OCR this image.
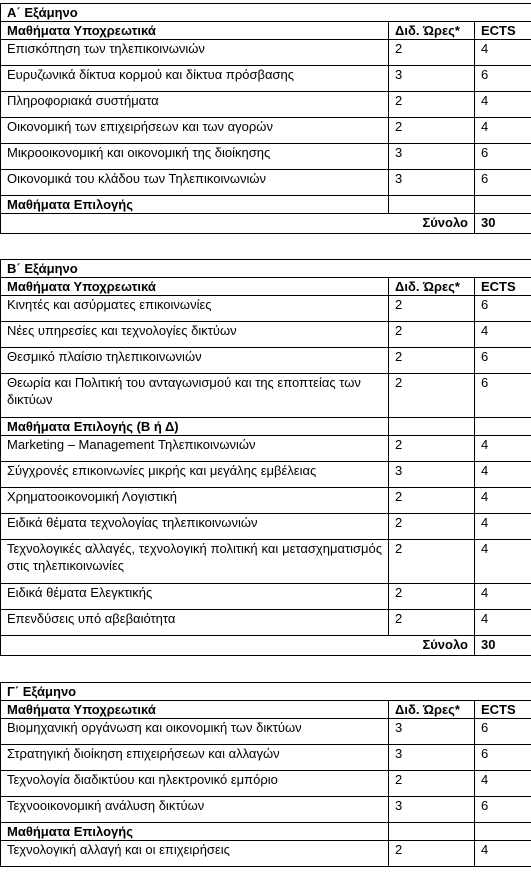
Α΄ Εξάμηνο		
Μαθήματα Υποχρεωτικά	Διδ. Ώρες*	ECTS
Επισκόπηση των τηλεπικοινωνιών	2	4
Ευρυζωνικά δίκτυα κορμού και δίκτυα πρόσβασης	3	6
Πληροφοριακά συστήματα	2	4
Οικονομική των επιχειρήσεων και των αγορών	2	4
Μικροοικονομική και οικονομική της διοίκησης	3	6
Οικονομικά του κλάδου των Τηλεπικοινωνιών	3	6
Μαθήματα Επιλογής		
Σύνολο		30
Β΄ Εξάμηνο		
Μαθήματα Υποχρεωτικά	Διδ. Ώρες*	ECTS
Κινητές και ασύρματες επικοινωνίες	2	6
Νέες υπηρεσίες και τεχνολογίες δικτύων	2	4
Θεσμικό πλαίσιο τηλεπικοινωνιών	2	6
Θεωρία και Πολιτική του ανταγωνισμού και της εποπτείας των δικτύων	2	6
Μαθήματα Επιλογής (Β ή Δ)		
Marketing – Management Τηλεπικοινωνιών	2	4
Σύγχρονές επικοινωνίες μικρής και μεγάλης εμβέλειας	3	4
Χρηματοοικονομική Λογιστική	2	4
Ειδικά θέματα τεχνολογίας τηλεπικοινωνιών	2	4
Τεχνολογικές αλλαγές, τεχνολογική πολιτική και μετασχηματισμός στις τηλεπικοινωνίες	2	4
Ειδικά θέματα Ελεγκτικής	2	4
Επενδύσεις υπό αβεβαιότητα	2	4
Σύνολο		30
Γ΄ Εξάμηνο		
Μαθήματα Υποχρεωτικά	Διδ. Ώρες*	ECTS
Βιομηχανική οργάνωση και οικονομική των δικτύων	3	6
Στρατηγική διοίκηση επιχειρήσεων και αλλαγών	3	6
Τεχνολογία διαδικτύου και ηλεκτρονικό εμπόριο	2	4
Τεχνοοικονομική ανάλυση δικτύων	3	6
Μαθήματα Επιλογής		
Τεχνολογική αλλαγή και οι επιχειρήσεις	2	4
